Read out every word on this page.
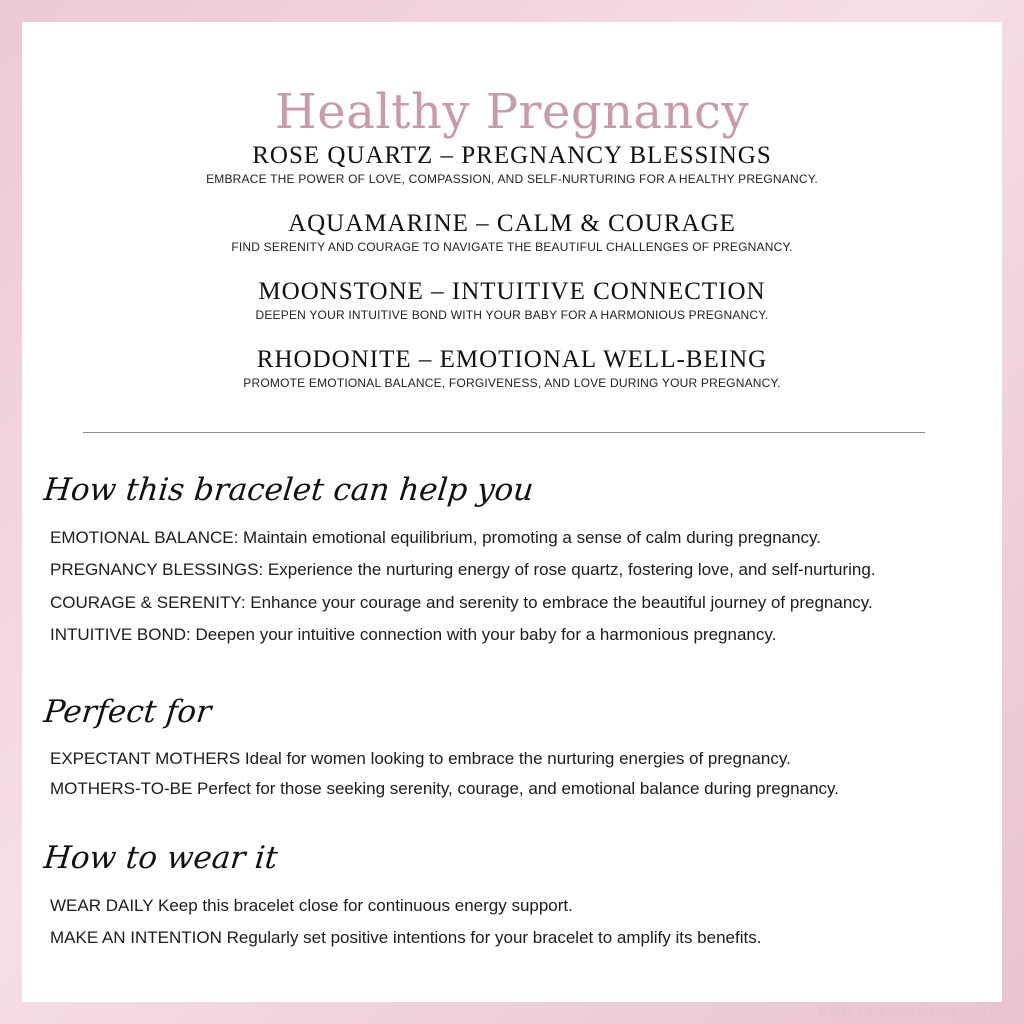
Healthy Pregnancy
ROSE QUARTZ – PREGNANCY BLESSINGS
EMBRACE THE POWER OF LOVE, COMPASSION, AND SELF-NURTURING FOR A HEALTHY PREGNANCY.
AQUAMARINE – CALM & COURAGE
FIND SERENITY AND COURAGE TO NAVIGATE THE BEAUTIFUL CHALLENGES OF PREGNANCY.
MOONSTONE – INTUITIVE CONNECTION
DEEPEN YOUR INTUITIVE BOND WITH YOUR BABY FOR A HARMONIOUS PREGNANCY.
RHODONITE – EMOTIONAL WELL-BEING
PROMOTE EMOTIONAL BALANCE, FORGIVENESS, AND LOVE DURING YOUR PREGNANCY.
How this bracelet can help you
EMOTIONAL BALANCE: Maintain emotional equilibrium, promoting a sense of calm during pregnancy.
PREGNANCY BLESSINGS: Experience the nurturing energy of rose quartz, fostering love, and self-nurturing.
COURAGE & SERENITY: Enhance your courage and serenity to embrace the beautiful journey of pregnancy.
INTUITIVE BOND: Deepen your intuitive connection with your baby for a harmonious pregnancy.
Perfect for
EXPECTANT MOTHERS Ideal for women looking to embrace the nurturing energies of pregnancy.
MOTHERS-TO-BE Perfect for those seeking serenity, courage, and emotional balance during pregnancy.
How to wear it
WEAR DAILY Keep this bracelet close for continuous energy support.
MAKE AN INTENTION Regularly set positive intentions for your bracelet to amplify its benefits.
K&M CRYSTAL JEWELRY
